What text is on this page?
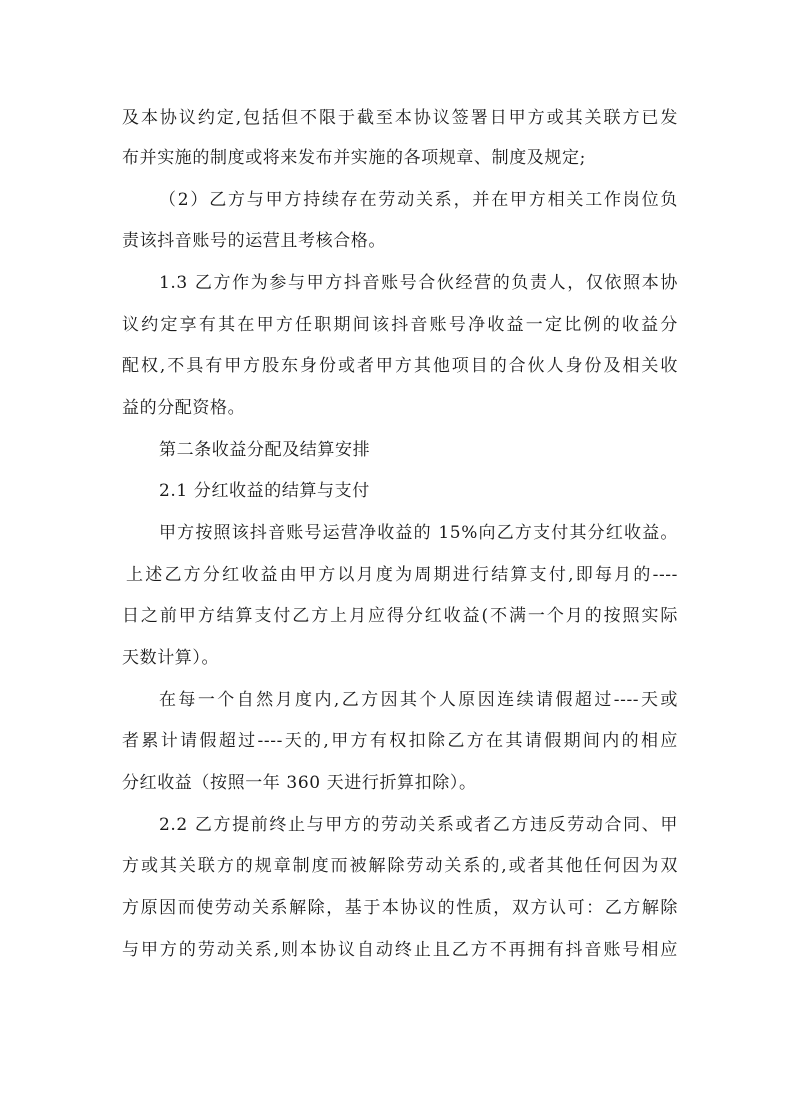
及本协议约定,包括但不限于截至本协议签署日甲方或其关联方已发
布并实施的制度或将来发布并实施的各项规章、制度及规定;
（2）乙方与甲方持续存在劳动关系，并在甲方相关工作岗位负
责该抖音账号的运营且考核合格。
1.3 乙方作为参与甲方抖音账号合伙经营的负责人，仅依照本协
议约定享有其在甲方任职期间该抖音账号净收益一定比例的收益分
配权,不具有甲方股东身份或者甲方其他项目的合伙人身份及相关收
益的分配资格。
第二条收益分配及结算安排
2.1 分红收益的结算与支付
甲方按照该抖音账号运营净收益的 15%向乙方支付其分红收益。
上述乙方分红收益由甲方以月度为周期进行结算支付,即每月的----
日之前甲方结算支付乙方上月应得分红收益(不满一个月的按照实际
天数计算）。
在每一个自然月度内,乙方因其个人原因连续请假超过----天或
者累计请假超过----天的,甲方有权扣除乙方在其请假期间内的相应
分红收益（按照一年 360 天进行折算扣除）。
2.2 乙方提前终止与甲方的劳动关系或者乙方违反劳动合同、甲
方或其关联方的规章制度而被解除劳动关系的,或者其他任何因为双
方原因而使劳动关系解除，基于本协议的性质，双方认可：乙方解除
与甲方的劳动关系,则本协议自动终止且乙方不再拥有抖音账号相应
